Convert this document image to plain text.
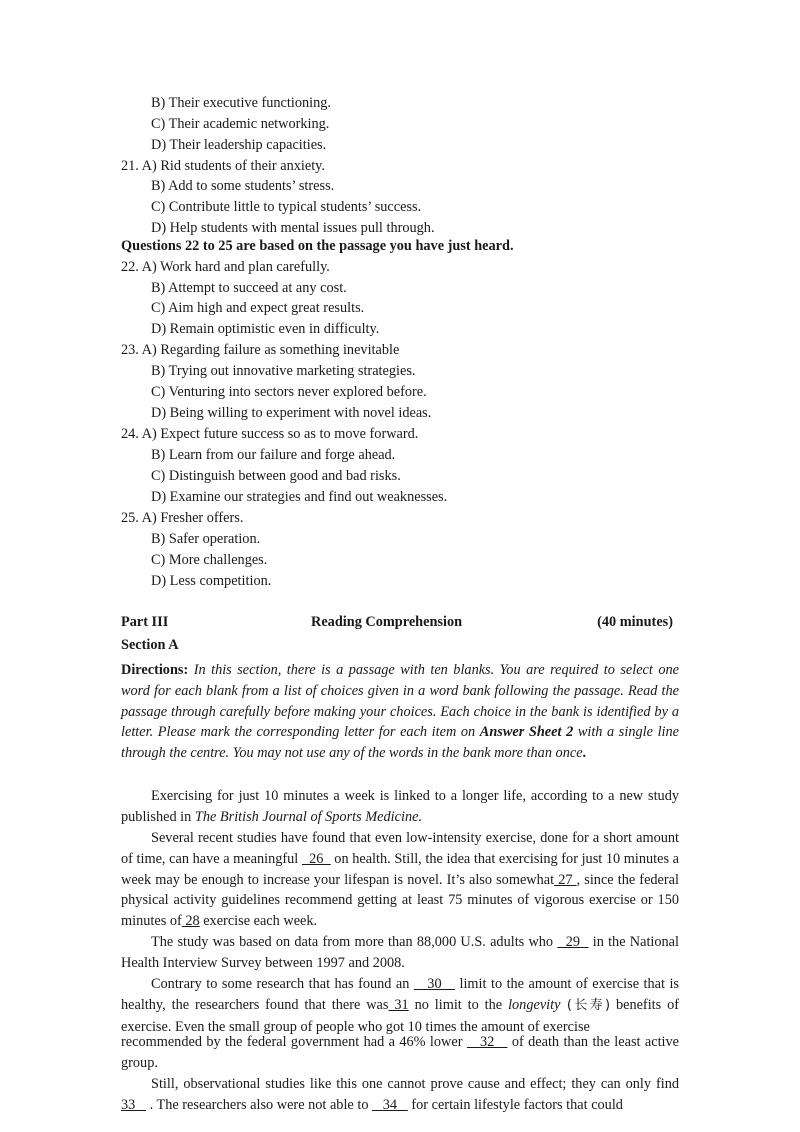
B) Their executive functioning.
C) Their academic networking.
D) Their leadership capacities.
21. A) Rid students of their anxiety.
B) Add to some students’ stress.
C) Contribute little to typical students’ success.
D) Help students with mental issues pull through.
Questions 22 to 25 are based on the passage you have just heard.
22. A) Work hard and plan carefully.
B) Attempt to succeed at any cost.
C) Aim high and expect great results.
D) Remain optimistic even in difficulty.
23. A) Regarding failure as something inevitable
B) Trying out innovative marketing strategies.
C) Venturing into sectors never explored before.
D) Being willing to experiment with novel ideas.
24. A) Expect future success so as to move forward.
B) Learn from our failure and forge ahead.
C) Distinguish between good and bad risks.
D) Examine our strategies and find out weaknesses.
25. A) Fresher offers.
B) Safer operation.
C) More challenges.
D) Less competition.
Part III	Reading Comprehension	(40 minutes)
Section A
Directions: In this section, there is a passage with ten blanks. You are required to select one word for each blank from a list of choices given in a word bank following the passage. Read the passage through carefully before making your choices. Each choice in the bank is identified by a letter. Please mark the corresponding letter for each item on Answer Sheet 2 with a single line through the centre. You may not use any of the words in the bank more than once.
Exercising for just 10 minutes a week is linked to a longer life, according to a new study published in The British Journal of Sports Medicine.
Several recent studies have found that even low-intensity exercise, done for a short amount of time, can have a meaningful   26   on health. Still, the idea that exercising for just 10 minutes a week may be enough to increase your lifespan is novel. It’s also somewhat 27 , since the federal physical activity guidelines recommend getting at least 75 minutes of vigorous exercise or 150 minutes of 28 exercise each week.
The study was based on data from more than 88,000 U.S. adults who   29   in the National Health Interview Survey between 1997 and 2008.
Contrary to some research that has found an    30    limit to the amount of exercise that is healthy, the researchers found that there was 31 no limit to the longevity (长寿) benefits of exercise. Even the small group of people who got 10 times the amount of exercise
recommended by the federal government had a 46% lower    32    of death than the least active group.
Still, observational studies like this one cannot prove cause and effect; they can only find 33    . The researchers also were not able to    34    for certain lifestyle factors that could
